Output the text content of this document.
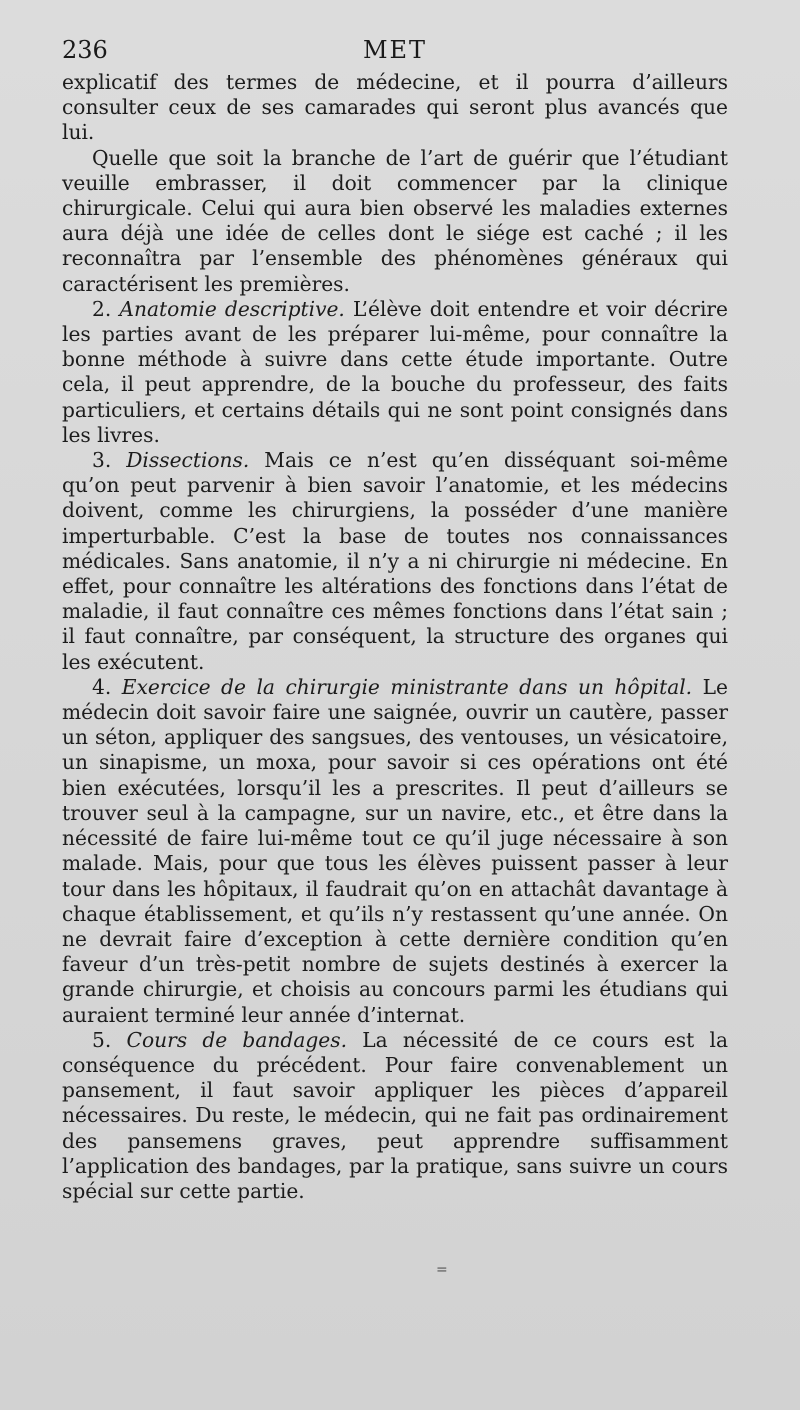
236	MET

explicatif des termes de médecine, et il pourra d’ailleurs consulter ceux de ses camarades qui seront plus avancés que lui.

Quelle que soit la branche de l’art de guérir que l’étudiant veuille embrasser, il doit commencer par la clinique chirurgicale. Celui qui aura bien observé les maladies externes aura déjà une idée de celles dont le siége est caché ; il les reconnaîtra par l’ensemble des phénomènes généraux qui caractérisent les premières.

2. Anatomie descriptive. L’élève doit entendre et voir décrire les parties avant de les préparer lui-même, pour connaître la bonne méthode à suivre dans cette étude importante. Outre cela, il peut apprendre, de la bouche du professeur, des faits particuliers, et certains détails qui ne sont point consignés dans les livres.

3. Dissections. Mais ce n’est qu’en disséquant soi-même qu’on peut parvenir à bien savoir l’anatomie, et les médecins doivent, comme les chirurgiens, la posséder d’une manière imperturbable. C’est la base de toutes nos connaissances médicales. Sans anatomie, il n’y a ni chirurgie ni médecine. En effet, pour connaître les altérations des fonctions dans l’état de maladie, il faut connaître ces mêmes fonctions dans l’état sain ; il faut connaître, par conséquent, la structure des organes qui les exécutent.

4. Exercice de la chirurgie ministrante dans un hôpital. Le médecin doit savoir faire une saignée, ouvrir un cautère, passer un séton, appliquer des sangsues, des ventouses, un vésicatoire, un sinapisme, un moxa, pour savoir si ces opérations ont été bien exécutées, lorsqu’il les a prescrites. Il peut d’ailleurs se trouver seul à la campagne, sur un navire, etc., et être dans la nécessité de faire lui-même tout ce qu’il juge nécessaire à son malade. Mais, pour que tous les élèves puissent passer à leur tour dans les hôpitaux, il faudrait qu’on en attachât davantage à chaque établissement, et qu’ils n’y restassent qu’une année. On ne devrait faire d’exception à cette dernière condition qu’en faveur d’un très-petit nombre de sujets destinés à exercer la grande chirurgie, et choisis au concours parmi les étudians qui auraient terminé leur année d’internat.

5. Cours de bandages. La nécessité de ce cours est la conséquence du précédent. Pour faire convenablement un pansement, il faut savoir appliquer les pièces d’appareil nécessaires. Du reste, le médecin, qui ne fait pas ordinairement des pansemens graves, peut apprendre suffisamment l’application des bandages, par la pratique, sans suivre un cours spécial sur cette partie.

=
